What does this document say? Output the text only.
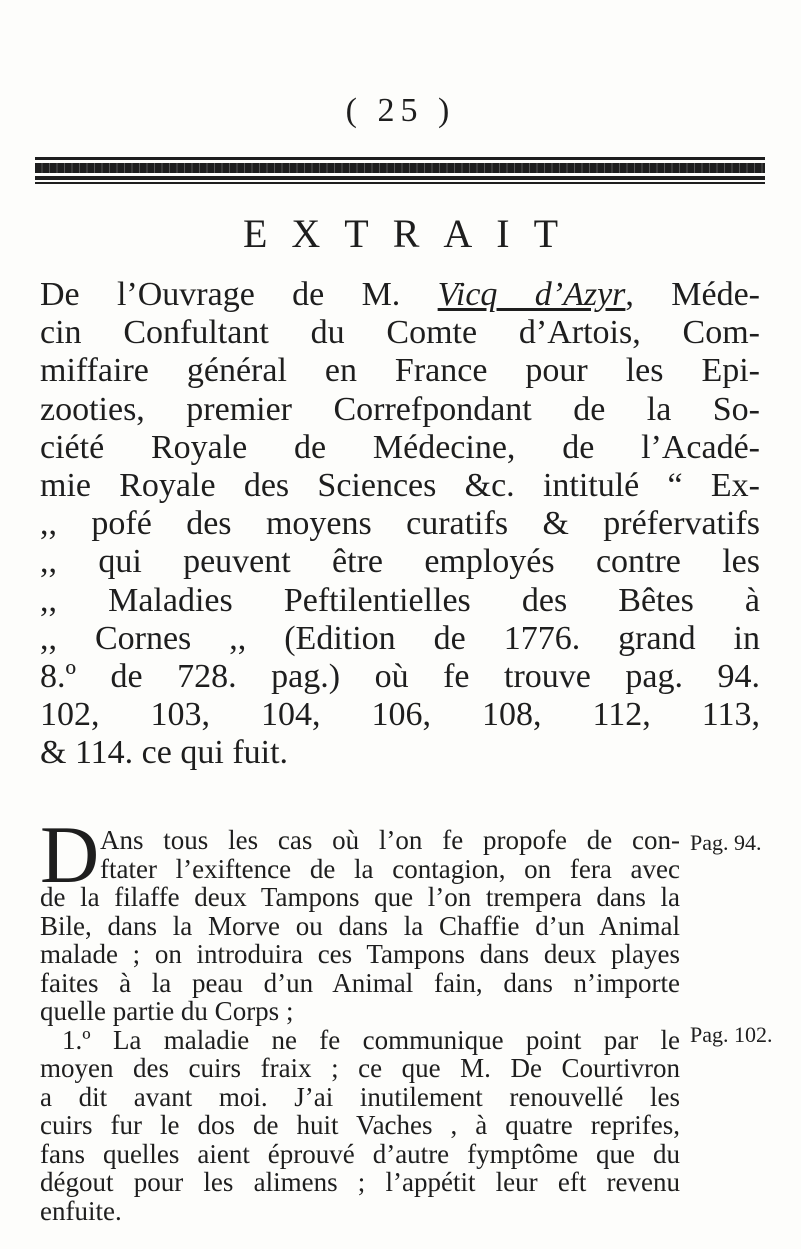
( 25 )
EXTRAIT
De l’Ouvrage de M. Vicq d’Azyr, Méde-
cin Confultant du Comte d’Artois, Com-
miffaire général en France pour les Epi-
zooties, premier Correfpondant de la So-
ciété Royale de Médecine, de l’Acadé-
mie Royale des Sciences &c. intitulé “ Ex-
,, pofé des moyens curatifs & préfervatifs
,, qui peuvent être employés contre les
,, Maladies Peftilentielles des Bêtes à
,, Cornes ,, (Edition de 1776. grand in
8.º de 728. pag.) où fe trouve pag. 94.
102, 103, 104, 106, 108, 112, 113,
& 114. ce qui fuit.
D Ans tous les cas où l’on fe propofe de con-
ftater l’exiftence de la contagion, on fera avec
de la filaffe deux Tampons que l’on trempera dans la
Bile, dans la Morve ou dans la Chaffie d’un Animal
malade ; on introduira ces Tampons dans deux playes
faites à la peau d’un Animal fain, dans n’importe
quelle partie du Corps ;
1.º La maladie ne fe communique point par le
moyen des cuirs fraix ; ce que M. De Courtivron
a dit avant moi. J’ai inutilement renouvellé les
cuirs fur le dos de huit Vaches , à quatre reprifes,
fans quelles aient éprouvé d’autre fymptôme que du
dégout pour les alimens ; l’appétit leur eft revenu
enfuite.
Pag. 94.
Pag. 102.
